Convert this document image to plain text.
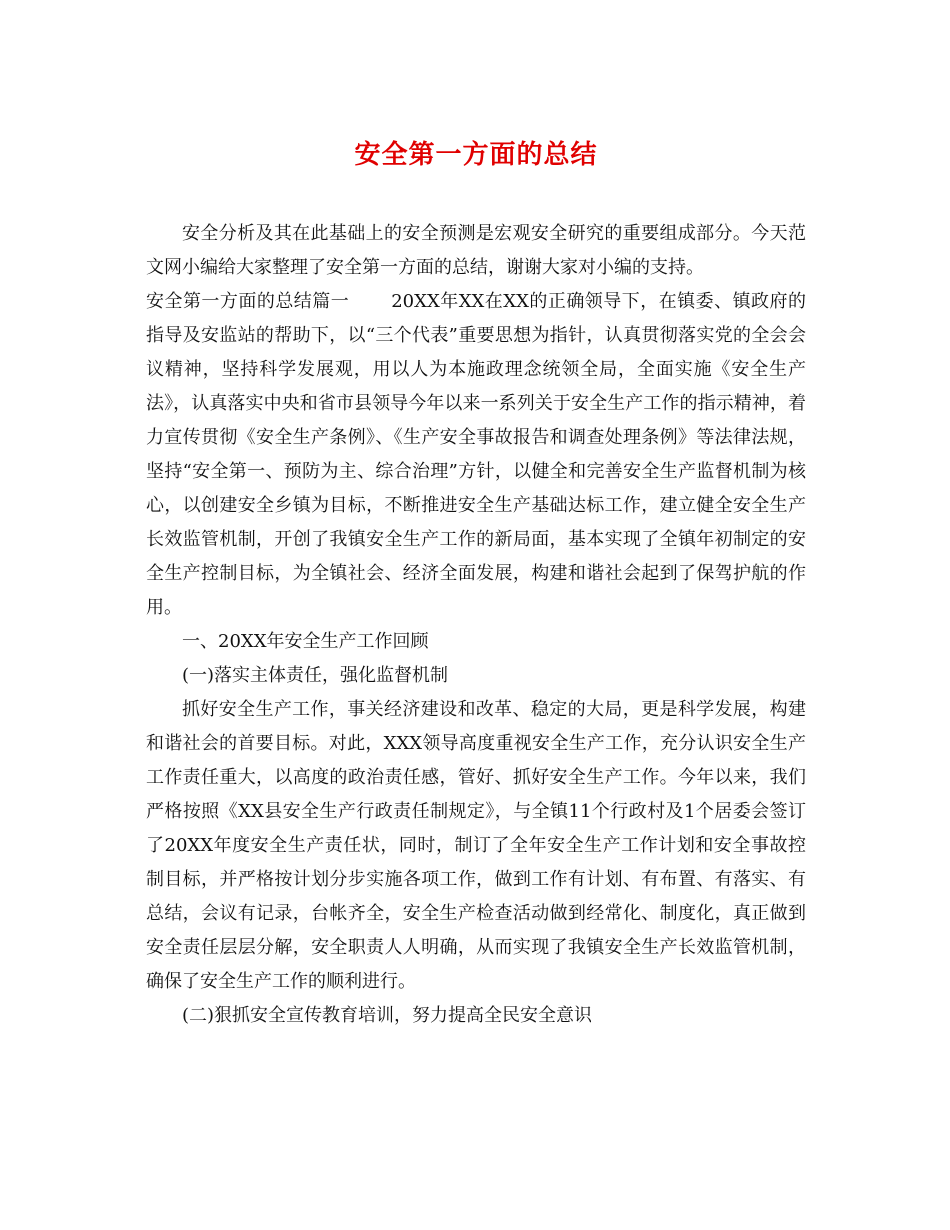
安全第一方面的总结

安全分析及其在此基础上的安全预测是宏观安全研究的重要组成部分。今天范文网小编给大家整理了安全第一方面的总结，谢谢大家对小编的支持。

安全第一方面的总结篇一 20XX年XX在XX的正确领导下，在镇委、镇政府的指导及安监站的帮助下，以“三个代表”重要思想为指针，认真贯彻落实党的全会会议精神，坚持科学发展观，用以人为本施政理念统领全局，全面实施《安全生产法》，认真落实中央和省市县领导今年以来一系列关于安全生产工作的指示精神，着力宣传贯彻《安全生产条例》、《生产安全事故报告和调查处理条例》等法律法规，坚持“安全第一、预防为主、综合治理”方针，以健全和完善安全生产监督机制为核心，以创建安全乡镇为目标，不断推进安全生产基础达标工作，建立健全安全生产长效监管机制，开创了我镇安全生产工作的新局面，基本实现了全镇年初制定的安全生产控制目标，为全镇社会、经济全面发展，构建和谐社会起到了保驾护航的作用。

一、20XX年安全生产工作回顾

(一)落实主体责任，强化监督机制

抓好安全生产工作，事关经济建设和改革、稳定的大局，更是科学发展，构建和谐社会的首要目标。对此，XXX领导高度重视安全生产工作，充分认识安全生产工作责任重大，以高度的政治责任感，管好、抓好安全生产工作。今年以来，我们严格按照《XX县安全生产行政责任制规定》，与全镇11个行政村及1个居委会签订了20XX年度安全生产责任状，同时，制订了全年安全生产工作计划和安全事故控制目标，并严格按计划分步实施各项工作，做到工作有计划、有布置、有落实、有总结，会议有记录，台帐齐全，安全生产检查活动做到经常化、制度化，真正做到安全责任层层分解，安全职责人人明确，从而实现了我镇安全生产长效监管机制，确保了安全生产工作的顺利进行。

(二)狠抓安全宣传教育培训，努力提高全民安全意识
